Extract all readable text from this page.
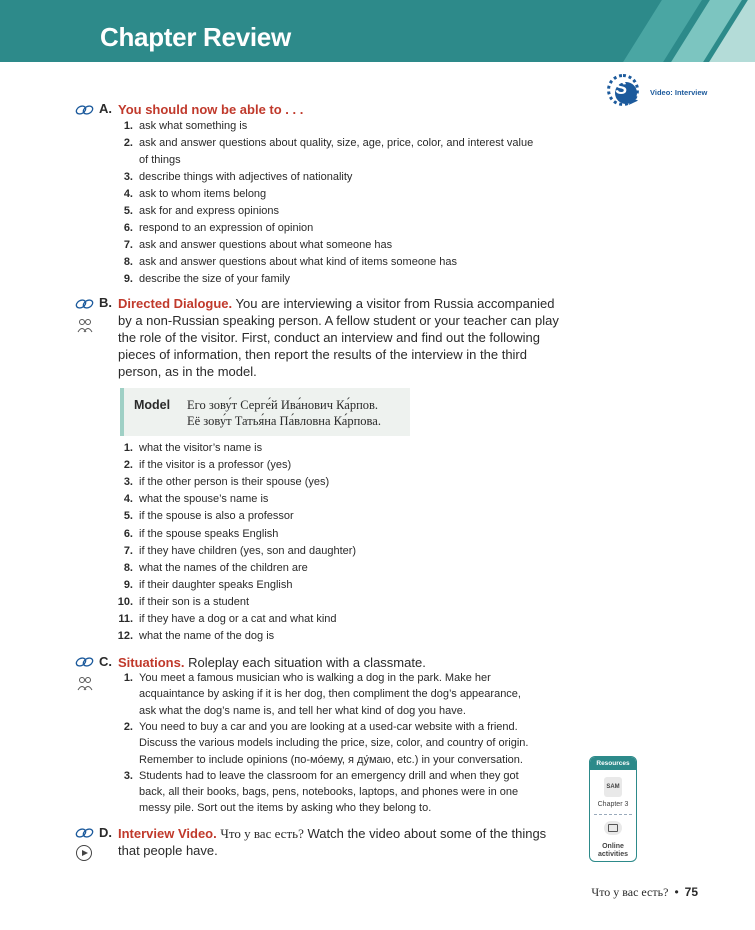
Chapter Review
S
➤ Video: Interview
A. You should now be able to . . .
1. ask what something is
2. ask and answer questions about quality, size, age, price, color, and interest value
of things
3. describe things with adjectives of nationality
4. ask to whom items belong
5. ask for and express opinions
6. respond to an expression of opinion
7. ask and answer questions about what someone has
8. ask and answer questions about what kind of items someone has
9. describe the size of your family
B. Directed Dialogue. You are interviewing a visitor from Russia accompanied
by a non-Russian speaking person. A fellow student or your teacher can play
the role of the visitor. First, conduct an interview and find out the following
pieces of information, then report the results of the interview in the third
person, as in the model.
Model Его зову́т Серге́й Ива́нович Ка́рпов.
Её зову́т Татья́на Па́вловна Ка́рпова.
1. what the visitor’s name is
2. if the visitor is a professor (yes)
3. if the other person is their spouse (yes)
4. what the spouse’s name is
5. if the spouse is also a professor
6. if the spouse speaks English
7. if they have children (yes, son and daughter)
8. what the names of the children are
9. if their daughter speaks English
10. if their son is a student
11. if they have a dog or a cat and what kind
12. what the name of the dog is
C. Situations. Roleplay each situation with a classmate.
1. You meet a famous musician who is walking a dog in the park. Make her
acquaintance by asking if it is her dog, then compliment the dog’s appearance,
ask what the dog’s name is, and tell her what kind of dog you have.
2. You need to buy a car and you are looking at a used-car website with a friend.
Discuss the various models including the price, size, color, and country of origin.
Remember to include opinions (по-мо́ему, я ду́маю, etc.) in your conversation.
3. Students had to leave the classroom for an emergency drill and when they got
back, all their books, bags, pens, notebooks, laptops, and phones were in one
messy pile. Sort out the items by asking who they belong to.
D. Interview Video. Что у вас есть? Watch the video about some of the things
that people have.
Resources
SAM
Chapter 3
Online
activities
Что у вас есть? • 75
